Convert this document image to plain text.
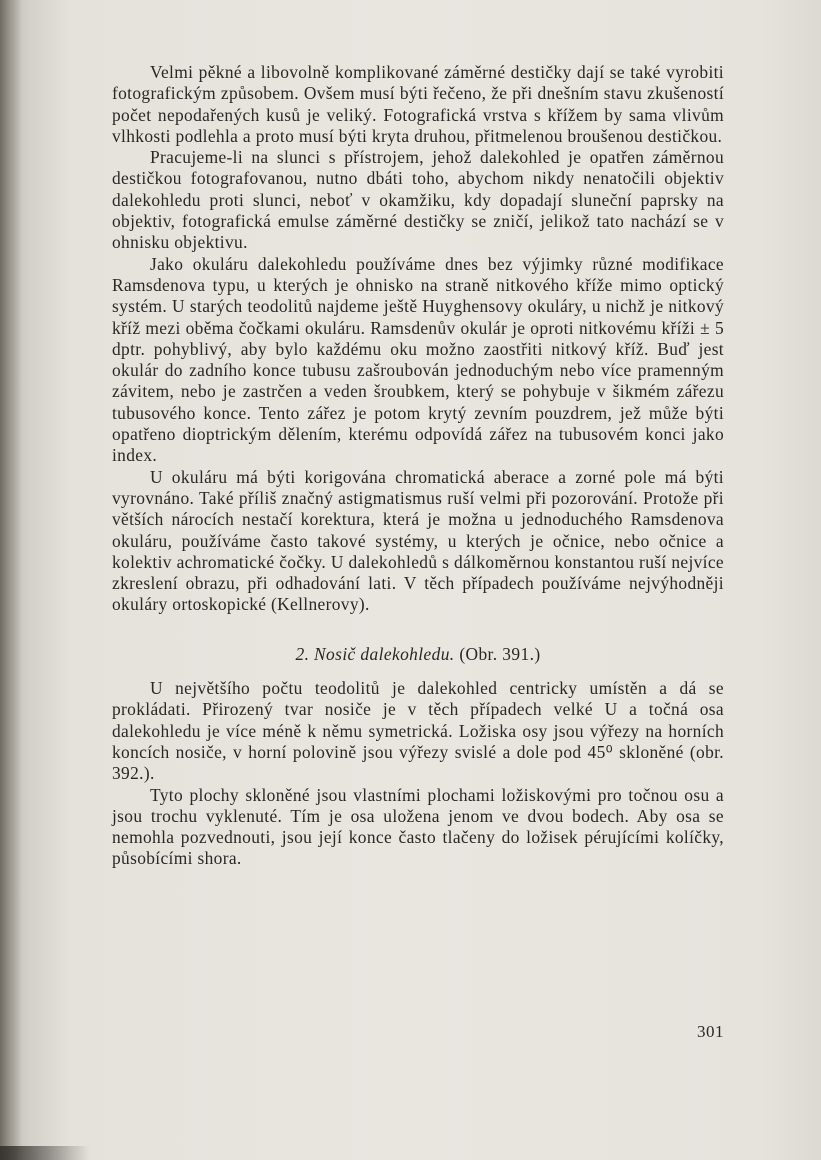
Velmi pěkné a libovolně komplikované záměrné destičky dají se také vyrobiti fotografickým způsobem. Ovšem musí býti řečeno, že při dnešním stavu zkušeností počet nepodařených kusů je veliký. Fotografická vrstva s křížem by sama vlivům vlhkosti podlehla a proto musí býti kryta druhou, přitmelenou broušenou destičkou.

Pracujeme-li na slunci s přístrojem, jehož dalekohled je opatřen záměrnou destičkou fotografovanou, nutno dbáti toho, abychom nikdy nenatočili objektiv dalekohledu proti slunci, neboť v okamžiku, kdy dopadají sluneční paprsky na objektiv, fotografická emulse záměrné destičky se zničí, jelikož tato nachází se v ohnisku objektivu.

Jako okuláru dalekohledu používáme dnes bez výjimky různé modifikace Ramsdenova typu, u kterých je ohnisko na straně nitkového kříže mimo optický systém. U starých teodolitů najdeme ještě Huyghensovy okuláry, u nichž je nitkový kříž mezi oběma čočkami okuláru. Ramsdenův okulár je oproti nitkovému kříži ± 5 dptr. pohyblivý, aby bylo každému oku možno zaostřiti nitkový kříž. Buď jest okulár do zadního konce tubusu zašroubován jednoduchým nebo více pramenným závitem, nebo je zastrčen a veden šroubkem, který se pohybuje v šikmém zářezu tubusového konce. Tento zářez je potom krytý zevním pouzdrem, jež může býti opatřeno dioptrickým dělením, kterému odpovídá zářez na tubusovém konci jako index.

U okuláru má býti korigována chromatická aberace a zorné pole má býti vyrovnáno. Také příliš značný astigmatismus ruší velmi při pozorování. Protože při větších nárocích nestačí korektura, která je možna u jednoduchého Ramsdenova okuláru, používáme často takové systémy, u kterých je očnice, nebo očnice a kolektiv achromatické čočky. U dalekohledů s dálkoměrnou konstantou ruší nejvíce zkreslení obrazu, při odhadování lati. V těch případech používáme nejvýhodněji okuláry ortoskopické (Kellnerovy).

2. Nosič dalekohledu. (Obr. 391.)

U největšího počtu teodolitů je dalekohled centricky umístěn a dá se prokládati. Přirozený tvar nosiče je v těch případech velké U a točná osa dalekohledu je více méně k němu symetrická. Ložiska osy jsou výřezy na horních koncích nosiče, v horní polovině jsou výřezy svislé a dole pod 45⁰ skloněné (obr. 392.).

Tyto plochy skloněné jsou vlastními plochami ložiskovými pro točnou osu a jsou trochu vyklenuté. Tím je osa uložena jenom ve dvou bodech. Aby osa se nemohla pozvednouti, jsou její konce často tlačeny do ložisek pérujícími kolíčky, působícími shora.

301
